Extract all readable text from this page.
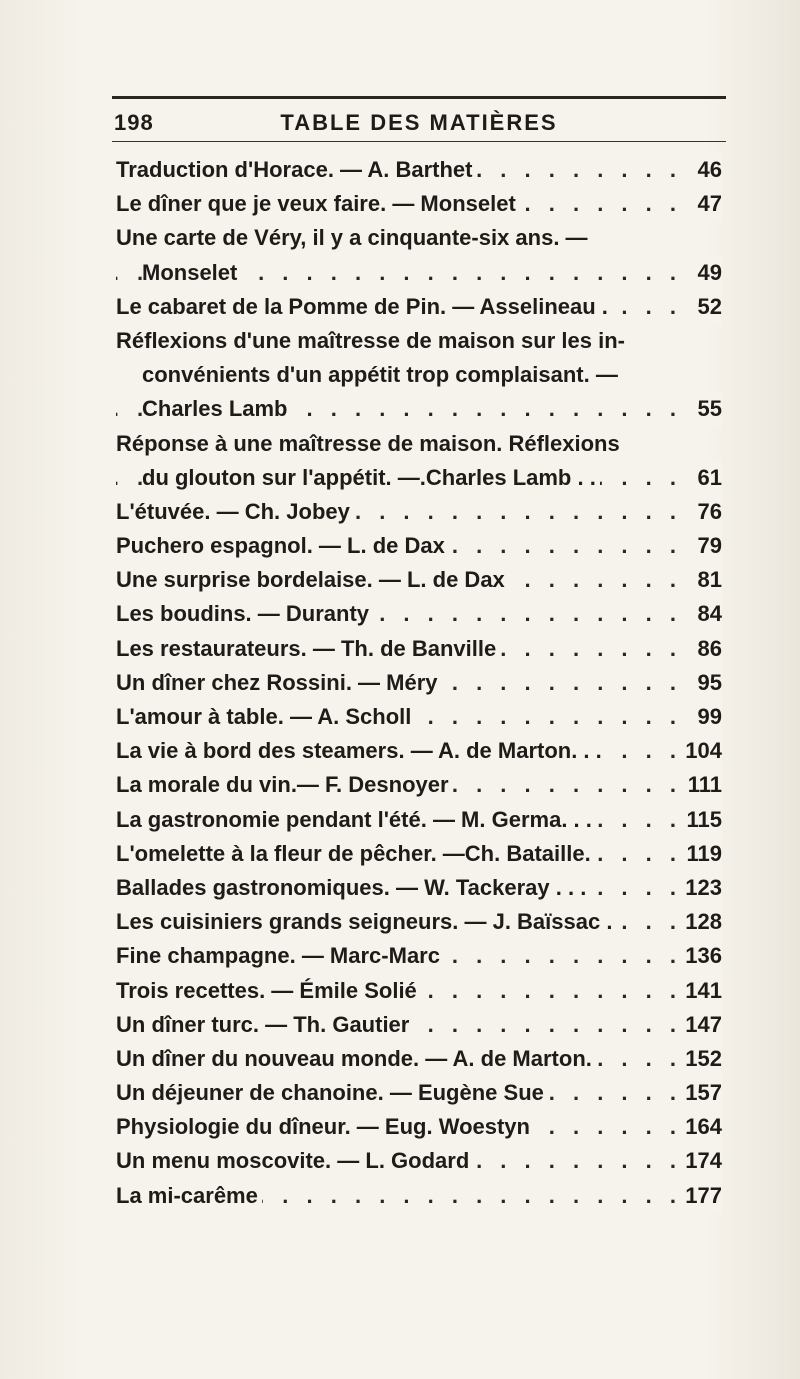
198	TABLE DES MATIÈRES
Traduction d'Horace. — A. Barthet . . .	46
Le dîner que je veux faire. — Monselet . . .	47
Une carte de Véry, il y a cinquante-six ans. —
Monselet . . .	49
Le cabaret de la Pomme de Pin. — Asselineau . . . .	52
Réflexions d'une maîtresse de maison sur les in-
convénients d'un appétit trop complaisant. —
Charles Lamb . . .	55
Réponse à une maîtresse de maison. Réflexions
du glouton sur l'appétit. —.Charles Lamb . . . . .	61
L'étuvée. — Ch. Jobey . . .	76
Puchero espagnol. — L. de Dax . . .	79
Une surprise bordelaise. — L. de Dax . . .	81
Les boudins. — Duranty . . .	84
Les restaurateurs. — Th. de Banville . . .	86
Un dîner chez Rossini. — Méry . . .	95
L'amour à table. — A. Scholl . . .	99
La vie à bord des steamers. — A. de Marton. . . . . .	104
La morale du vin.— F. Desnoyer . . .	111
La gastronomie pendant l'été. — M. Germa. . . . . .	115
L'omelette à la fleur de pêcher. —Ch. Bataille. . . .	119
Ballades gastronomiques. — W. Tackeray . . . . . .	123
Les cuisiniers grands seigneurs. — J. Baïssac . . . .	128
Fine champagne. — Marc-Marc . . .	136
Trois recettes. — Émile Solié . . .	141
Un dîner turc. — Th. Gautier . . .	147
Un dîner du nouveau monde. — A. de Marton. . . .	152
Un déjeuner de chanoine. — Eugène Sue . . .	157
Physiologie du dîneur. — Eug. Woestyn . . .	164
Un menu moscovite. — L. Godard . . .	174
La mi-carême . . .	177
